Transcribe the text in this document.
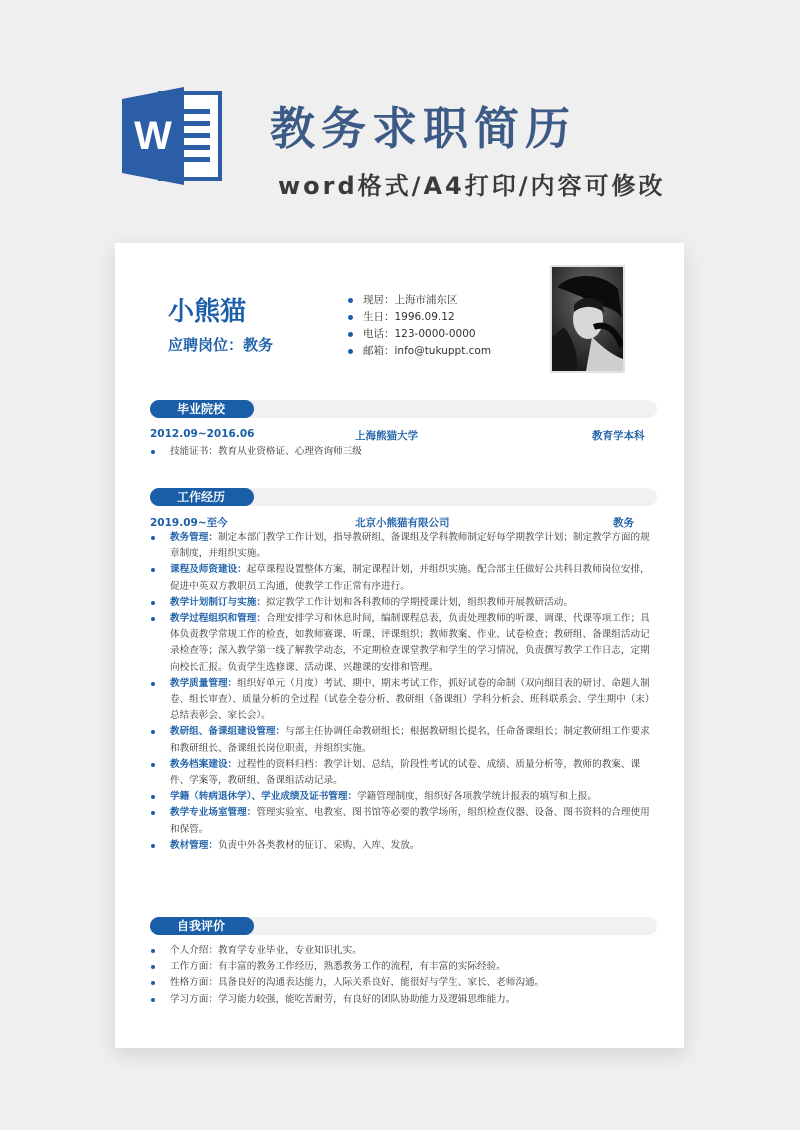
W 教务求职简历
word格式/A4打印/内容可修改
小熊猫
应聘岗位：教务
现居：上海市浦东区
生日：1996.09.12
电话：123-0000-0000
邮箱：info@tukuppt.com
毕业院校
2012.09~2016.06	上海熊猫大学	教育学本科
技能证书：教育从业资格证、心理咨询师三级
工作经历
2019.09~至今	北京小熊猫有限公司	教务
教务管理：制定本部门教学工作计划，指导教研组、备课组及学科教师制定好每学期教学计划；制定教学方面的规章制度，并组织实施。
课程及师资建设：起草课程设置整体方案，制定课程计划，并组织实施。配合部主任做好公共科目教师岗位安排，促进中英双方教职员工沟通，使教学工作正常有序进行。
教学计划制订与实施：拟定教学工作计划和各科教师的学期授课计划，组织教师开展教研活动。
教学过程组织和管理：合理安排学习和休息时间，编制课程总表，负责处理教师的听课、调课、代课等项工作；具体负责教学常规工作的检查，如教师赛课、听课、评课组织；教师教案、作业、试卷检查；教研组、备课组活动记录检查等；深入教学第一线了解教学动态，不定期检查课堂教学和学生的学习情况，负责撰写教学工作日志，定期向校长汇报。负责学生选修课、活动课、兴趣课的安排和管理。
教学质量管理：组织好单元（月度）考试、期中、期末考试工作，抓好试卷的命制（双向细目表的研讨、命题人制卷、组长审查）、质量分析的全过程（试卷全卷分析、教研组（备课组）学科分析会、班科联系会、学生期中（末）总结表彰会、家长会）。
教研组、备课组建设管理：与部主任协调任命教研组长；根据教研组长提名，任命备课组长；制定教研组工作要求和教研组长、备课组长岗位职责，并组织实施。
教务档案建设：过程性的资料归档：教学计划、总结，阶段性考试的试卷、成绩、质量分析等，教师的教案、课件、学案等，教研组、备课组活动记录。
学籍（转病退休学）、学业成绩及证书管理：学籍管理制度，组织好各项教学统计报表的填写和上报。
教学专业场室管理：管理实验室、电教室、图书馆等必要的教学场所，组织检查仪器、设备、图书资料的合理使用和保管。
教材管理：负责中外各类教材的征订、采购、入库、发放。
自我评价
个人介绍：教育学专业毕业，专业知识扎实。
工作方面：有丰富的教务工作经历，熟悉教务工作的流程，有丰富的实际经验。
性格方面：具备良好的沟通表达能力，人际关系良好，能很好与学生、家长、老师沟通。
学习方面：学习能力较强，能吃苦耐劳，有良好的团队协助能力及逻辑思维能力。
